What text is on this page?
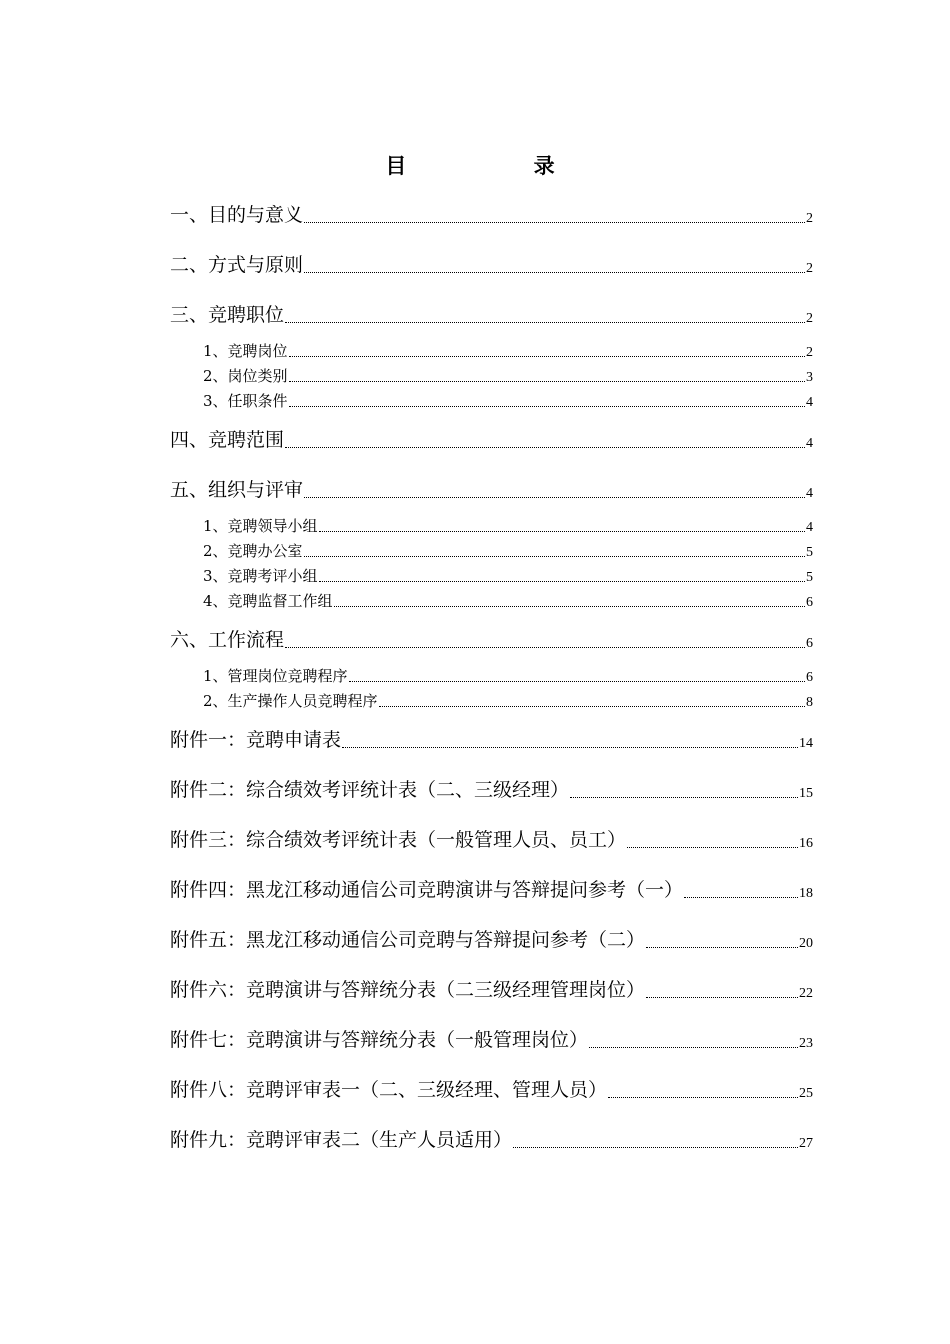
目 录
一、目的与意义	2
二、方式与原则	2
三、竞聘职位	2
1、竞聘岗位	2
2、岗位类别	3
3、任职条件	4
四、竞聘范围	4
五、组织与评审	4
1、竞聘领导小组	4
2、竞聘办公室	5
3、竞聘考评小组	5
4、竞聘监督工作组	6
六、工作流程	6
1、管理岗位竞聘程序	6
2、生产操作人员竞聘程序	8
附件一：竞聘申请表	14
附件二：综合绩效考评统计表（二、三级经理）	15
附件三：综合绩效考评统计表（一般管理人员、员工）	16
附件四：黑龙江移动通信公司竞聘演讲与答辩提问参考（一）	18
附件五：黑龙江移动通信公司竞聘与答辩提问参考（二）	20
附件六：竞聘演讲与答辩统分表（二三级经理管理岗位）	22
附件七：竞聘演讲与答辩统分表（一般管理岗位）	23
附件八：竞聘评审表一（二、三级经理、管理人员）	25
附件九：竞聘评审表二（生产人员适用）	27
